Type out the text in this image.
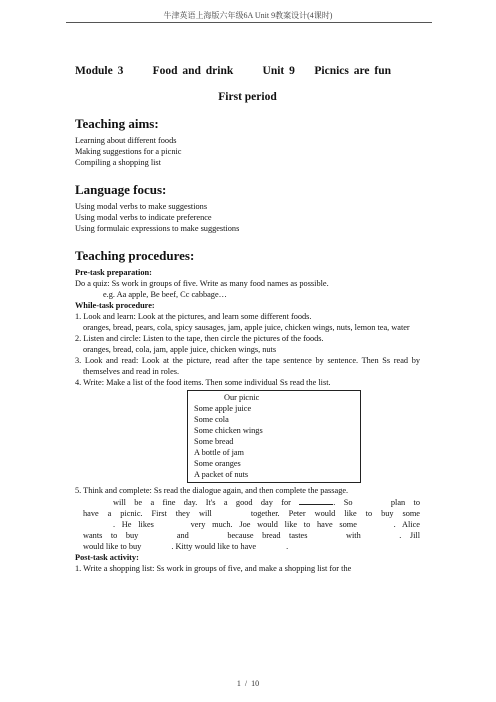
牛津英语上海版六年级6A Unit 9教案设计(4课时)

Module 3      Food and drink      Unit 9    Picnics are fun

First period

Teaching aims:

Learning about different foods

Making suggestions for a picnic

Compiling a shopping list

Language focus:

Using modal verbs to make suggestions

Using modal verbs to indicate preference

Using formulaic expressions to make suggestions

Teaching procedures:

Pre-task preparation:

Do a quiz: Ss work in groups of five. Write as many food names as possible.

e.g. Aa apple, Be beef, Cc cabbage…

While-task procedure:

1. Look and learn: Look at the pictures, and learn some different foods.

oranges, bread, pears, cola, spicy sausages, jam, apple juice, chicken wings, nuts, lemon tea, water

2. Listen and circle: Listen to the tape, then circle the pictures of the foods.

oranges, bread, cola, jam, apple juice, chicken wings, nuts

3. Look and read: Look at the picture, read after the tape sentence by sentence. Then Ss read by themselves and read in roles.

4. Write: Make a list of the food items. Then some individual Ss read the list.

Our picnic
Some apple juice
Some cola
Some chicken wings
Some bread
A bottle of jam
Some oranges
A packet of nuts

5. Think and complete: Ss read the dialogue again, and then complete the passage.

will be a fine day. It's a good day for	. So	plan to

have a picnic. First they will	together. Peter would like to buy some

. He likes	very much. Joe would like to have some	. Alice

wants to buy	and	because bread tastes	with	. Jill

would like to buy	. Kitty would like to have	.

Post-task activity:

1. Write a shopping list: Ss work in groups of five, and make a shopping list for the

1  /  10
